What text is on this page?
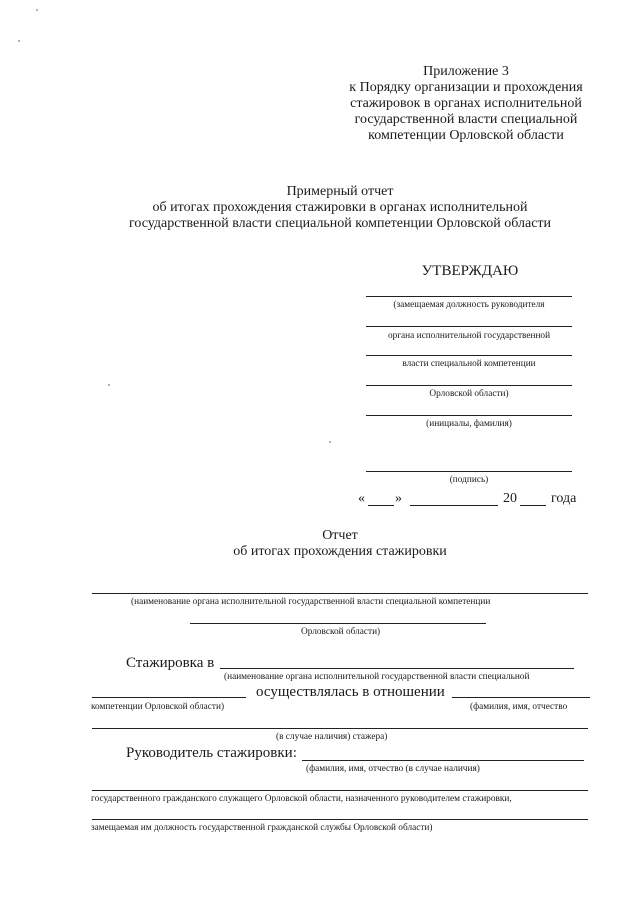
Приложение 3
к Порядку организации и прохождения
стажировок в органах исполнительной
государственной власти специальной
компетенции Орловской области
Примерный отчет
об итогах прохождения стажировки в органах исполнительной
государственной власти специальной компетенции Орловской области
УТВЕРЖДАЮ
(замещаемая должность руководителя
органа исполнительной государственной
власти специальной компетенции
Орловской области)
(инициалы, фамилия)
(подпись)
« »	20 года
Отчет
об итогах прохождения стажировки
(наименование органа исполнительной государственной власти специальной компетенции
Орловской области)
Стажировка в
(наименование органа исполнительной государственной власти специальной
осуществлялась в отношении
компетенции Орловской области)	(фамилия, имя, отчество
(в случае наличия) стажера)
Руководитель стажировки:
(фамилия, имя, отчество (в случае наличия)
государственного гражданского служащего Орловской области, назначенного руководителем стажировки,
замещаемая им должность государственной гражданской службы Орловской области)
